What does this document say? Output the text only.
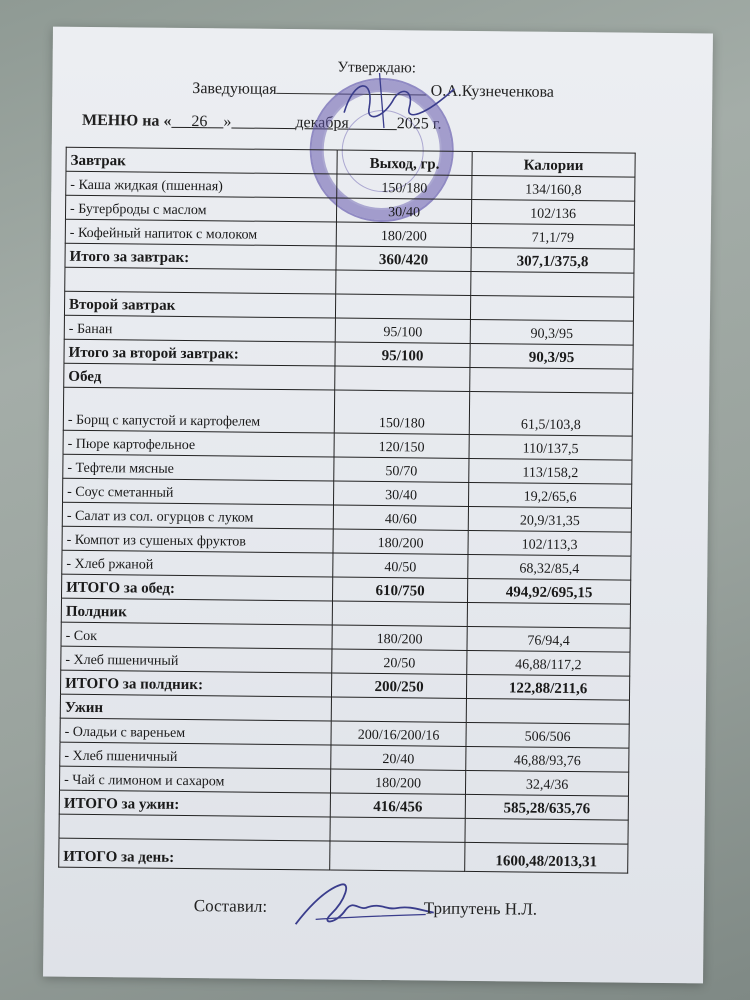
Утверждаю:
Заведующая	О.А.Кузнеченкова
МЕНЮ на « 26 »	декабря	2025 г.
Завтрак	Выход, гр.	Калории
- Каша жидкая (пшенная)	150/180	134/160,8
- Бутерброды с маслом	30/40	102/136
- Кофейный напиток с молоком	180/200	71,1/79
Итого за завтрак:	360/420	307,1/375,8

Второй завтрак		
- Банан	95/100	90,3/95
Итого за второй завтрак:	95/100	90,3/95
Обед		
- Борщ с капустой и картофелем	150/180	61,5/103,8
- Пюре картофельное	120/150	110/137,5
- Тефтели мясные	50/70	113/158,2
- Соус сметанный	30/40	19,2/65,6
- Салат из сол. огурцов с луком	40/60	20,9/31,35
- Компот из сушеных фруктов	180/200	102/113,3
- Хлеб ржаной	40/50	68,32/85,4
ИТОГО за обед:	610/750	494,92/695,15
Полдник		
- Сок	180/200	76/94,4
- Хлеб пшеничный	20/50	46,88/117,2
ИТОГО за полдник:	200/250	122,88/211,6
Ужин		
- Оладьи с вареньем	200/16/200/16	506/506
- Хлеб пшеничный	20/40	46,88/93,76
- Чай с лимоном и сахаром	180/200	32,4/36
ИТОГО за ужин:	416/456	585,28/635,76

ИТОГО за день:		1600,48/2013,31
Составил:	Трипутень Н.Л.
